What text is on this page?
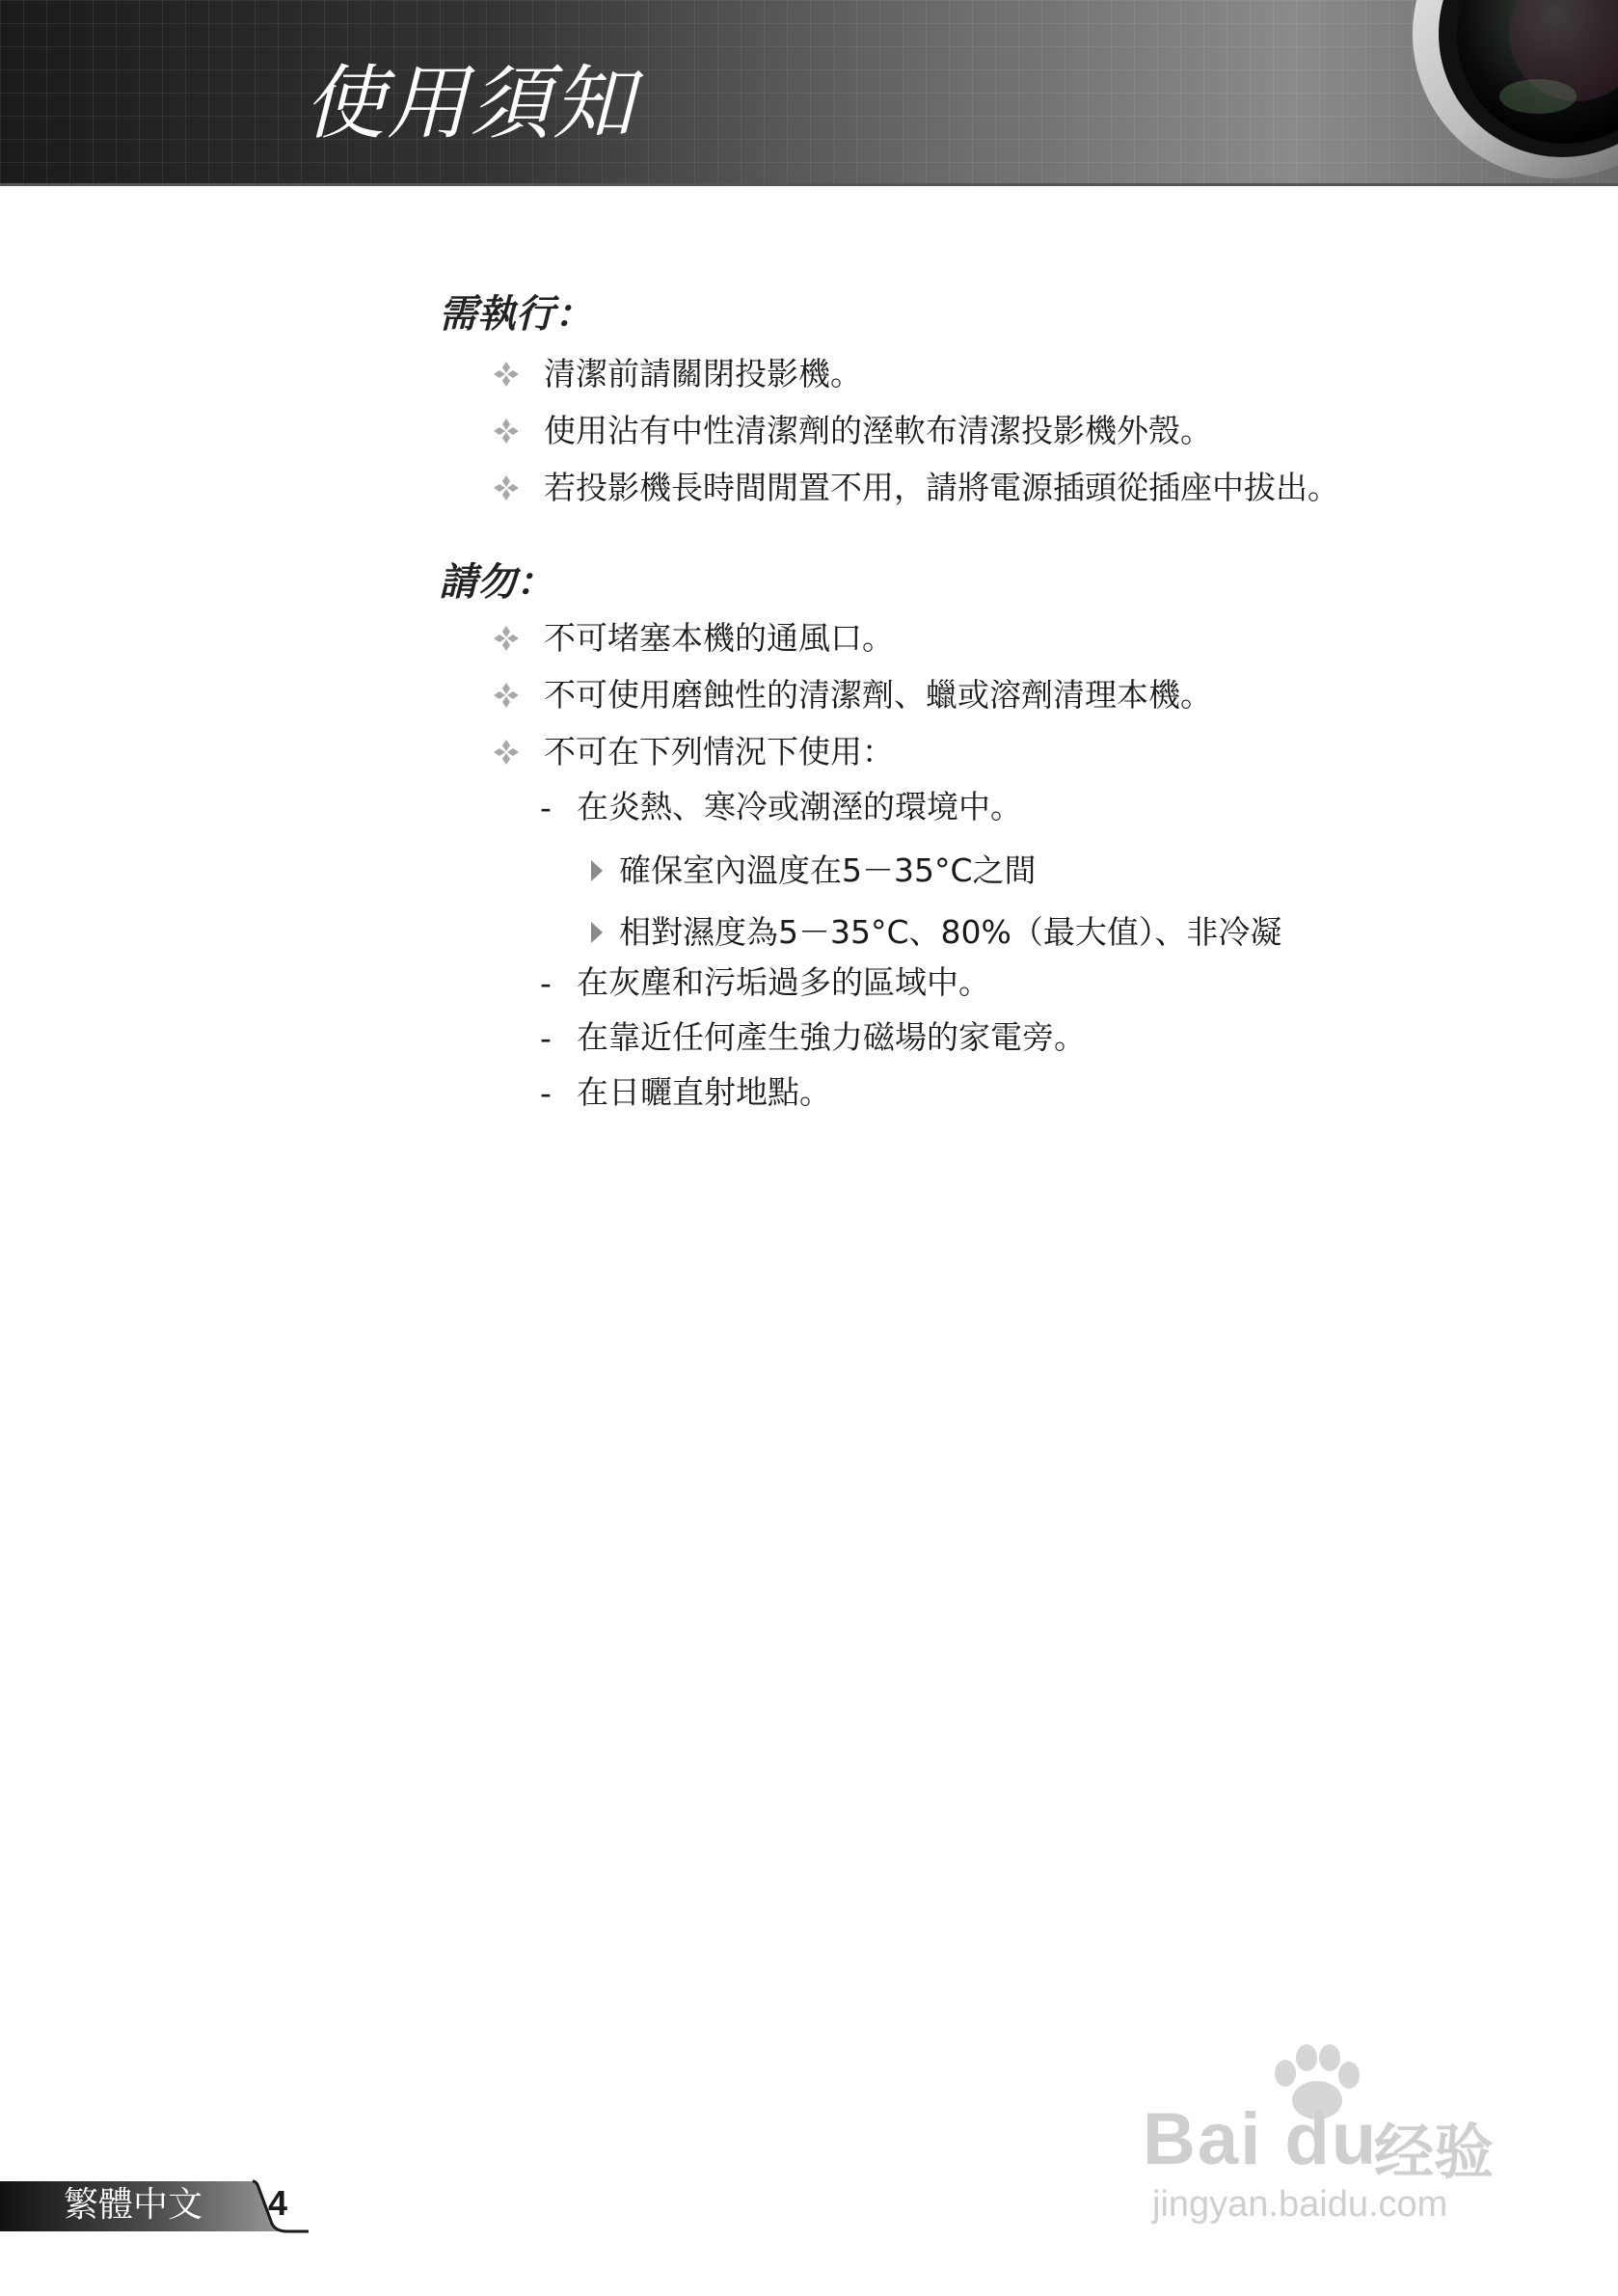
使用須知
需執行：
清潔前請關閉投影機。
使用沾有中性清潔劑的溼軟布清潔投影機外殼。
若投影機長時間閒置不用，請將電源插頭從插座中拔出。
請勿：
不可堵塞本機的通風口。
不可使用磨蝕性的清潔劑、蠟或溶劑清理本機。
不可在下列情況下使用：
- 在炎熱、寒冷或潮溼的環境中。
確保室內溫度在5－35°C之間
相對濕度為5－35°C、80%（最大值）、非冷凝
- 在灰塵和污垢過多的區域中。
- 在靠近任何產生強力磁場的家電旁。
- 在日曬直射地點。
Bai du
经验
jingyan.baidu.com
繁體中文 4
